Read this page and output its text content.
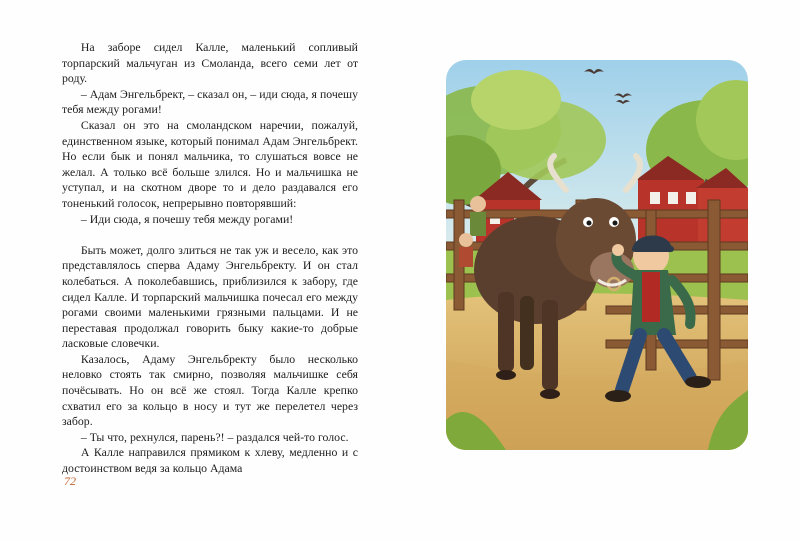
На заборе сидел Калле, маленький сопливый торпарский мальчуган из Смоланда, всего семи лет от роду.

– Адам Энгельбрект, – сказал он, – иди сюда, я почешу тебя между рогами!

Сказал он это на смоландском наречии, пожалуй, единственном языке, который понимал Адам Энгельбрект. Но если бык и понял мальчика, то слушаться вовсе не желал. А только всё больше злился. Но и мальчишка не уступал, и на скотном дворе то и дело раздавался его тоненький голосок, непрерывно повторявший:

– Иди сюда, я почешу тебя между рогами!

Быть может, долго злиться не так уж и весело, как это представлялось сперва Адаму Энгельбректу. И он стал колебаться. А поколебавшись, приблизился к забору, где сидел Калле. И торпарский мальчишка почесал его между рогами своими маленькими грязными пальцами. И не переставая продолжал говорить быку какие-то добрые ласковые словечки.

Казалось, Адаму Энгельбректу было несколько неловко стоять так смирно, позволяя мальчишке себя почёсывать. Но он всё же стоял. Тогда Калле крепко схватил его за кольцо в носу и тут же перелетел через забор.

– Ты что, рехнулся, парень?! – раздался чей-то голос.

А Калле направился прямиком к хлеву, медленно и с достоинством ведя за кольцо Адама

72
